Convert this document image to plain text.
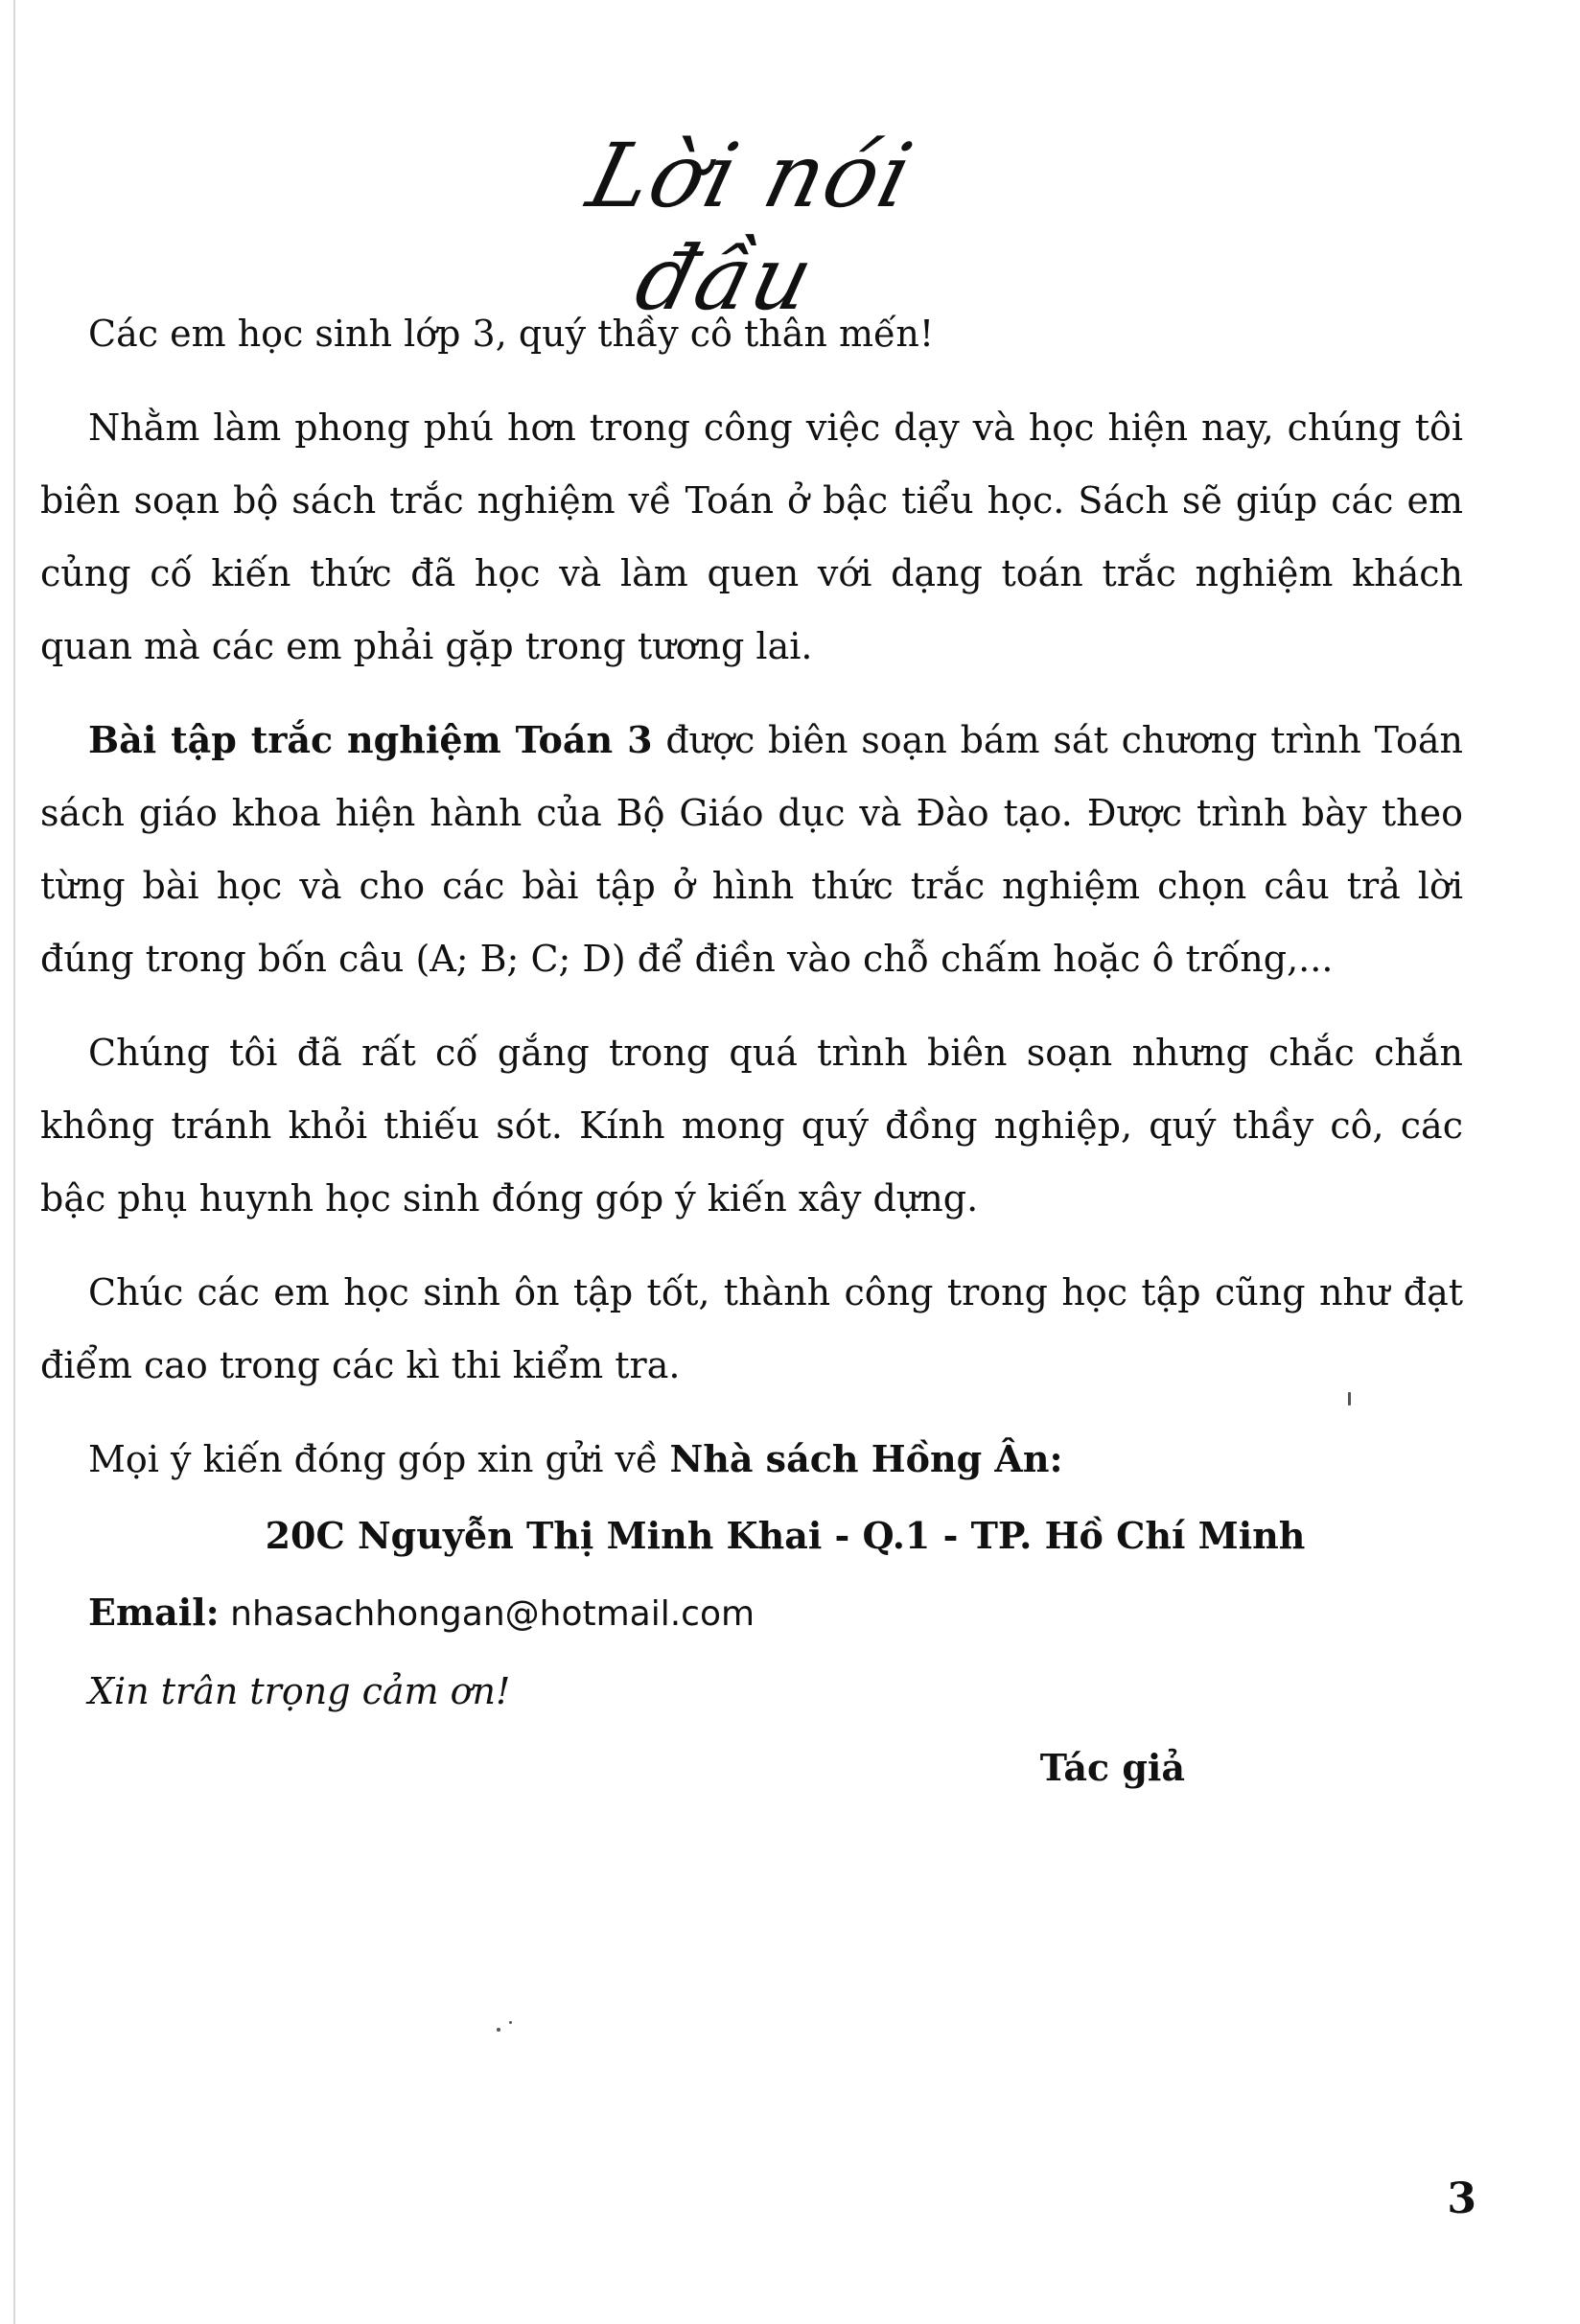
Lời nói đầu

Các em học sinh lớp 3, quý thầy cô thân mến!

Nhằm làm phong phú hơn trong công việc dạy và học hiện nay, chúng tôi biên soạn bộ sách trắc nghiệm về Toán ở bậc tiểu học. Sách sẽ giúp các em củng cố kiến thức đã học và làm quen với dạng toán trắc nghiệm khách quan mà các em phải gặp trong tương lai.

Bài tập trắc nghiệm Toán 3 được biên soạn bám sát chương trình Toán sách giáo khoa hiện hành của Bộ Giáo dục và Đào tạo. Được trình bày theo từng bài học và cho các bài tập ở hình thức trắc nghiệm chọn câu trả lời đúng trong bốn câu (A; B; C; D) để điền vào chỗ chấm hoặc ô trống,...

Chúng tôi đã rất cố gắng trong quá trình biên soạn nhưng chắc chắn không tránh khỏi thiếu sót. Kính mong quý đồng nghiệp, quý thầy cô, các bậc phụ huynh học sinh đóng góp ý kiến xây dựng.

Chúc các em học sinh ôn tập tốt, thành công trong học tập cũng như đạt điểm cao trong các kì thi kiểm tra.

Mọi ý kiến đóng góp xin gửi về Nhà sách Hồng Ân:

20C Nguyễn Thị Minh Khai - Q.1 - TP. Hồ Chí Minh

Email: nhasachhongan@hotmail.com

Xin trân trọng cảm ơn!

Tác giả

3
